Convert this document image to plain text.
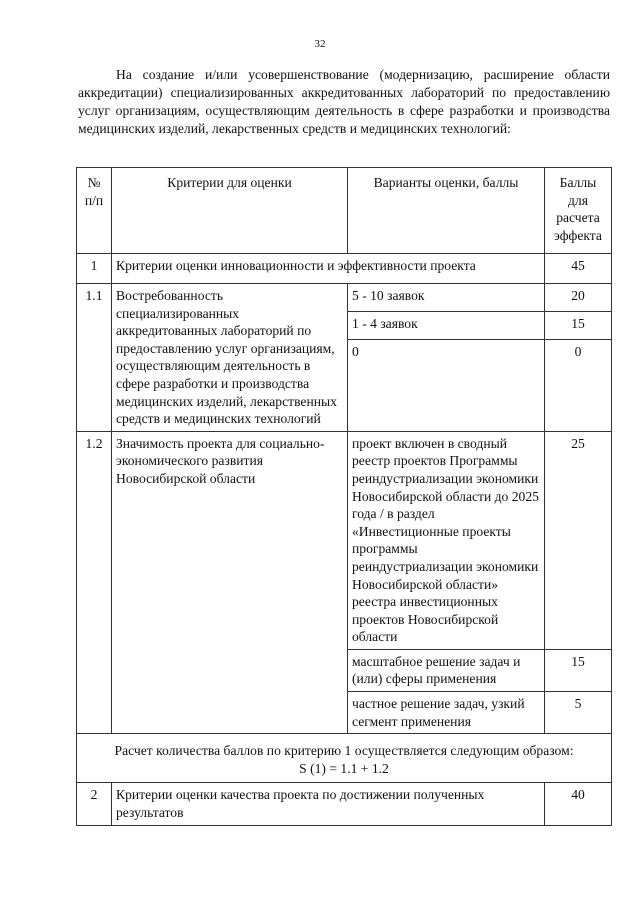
32

На создание и/или усовершенствование (модернизацию, расширение области аккредитации) специализированных аккредитованных лабораторий по предоставлению услуг организациям, осуществляющим деятельность в сфере разработки и производства медицинских изделий, лекарственных средств и медицинских технологий:

№ п/п	Критерии для оценки	Варианты оценки, баллы	Баллы для расчета эффекта
1	Критерии оценки инновационности и эффективности проекта		45
1.1	Востребованность специализированных аккредитованных лабораторий по предоставлению услуг организациям, осуществляющим деятельность в сфере разработки и производства медицинских изделий, лекарственных средств и медицинских технологий	5 - 10 заявок	20
		1 - 4 заявок	15
		0	0
1.2	Значимость проекта для социально-экономического развития Новосибирской области	проект включен в сводный реестр проектов Программы реиндустриализации экономики Новосибирской области до 2025 года / в раздел «Инвестиционные проекты программы реиндустриализации экономики Новосибирской области» реестра инвестиционных проектов Новосибирской области	25
		масштабное решение задач и (или) сферы применения	15
		частное решение задач, узкий сегмент применения	5

Расчет количества баллов по критерию 1 осуществляется следующим образом:
S (1) = 1.1 + 1.2			

2	Критерии оценки качества проекта по достижении полученных результатов		40
